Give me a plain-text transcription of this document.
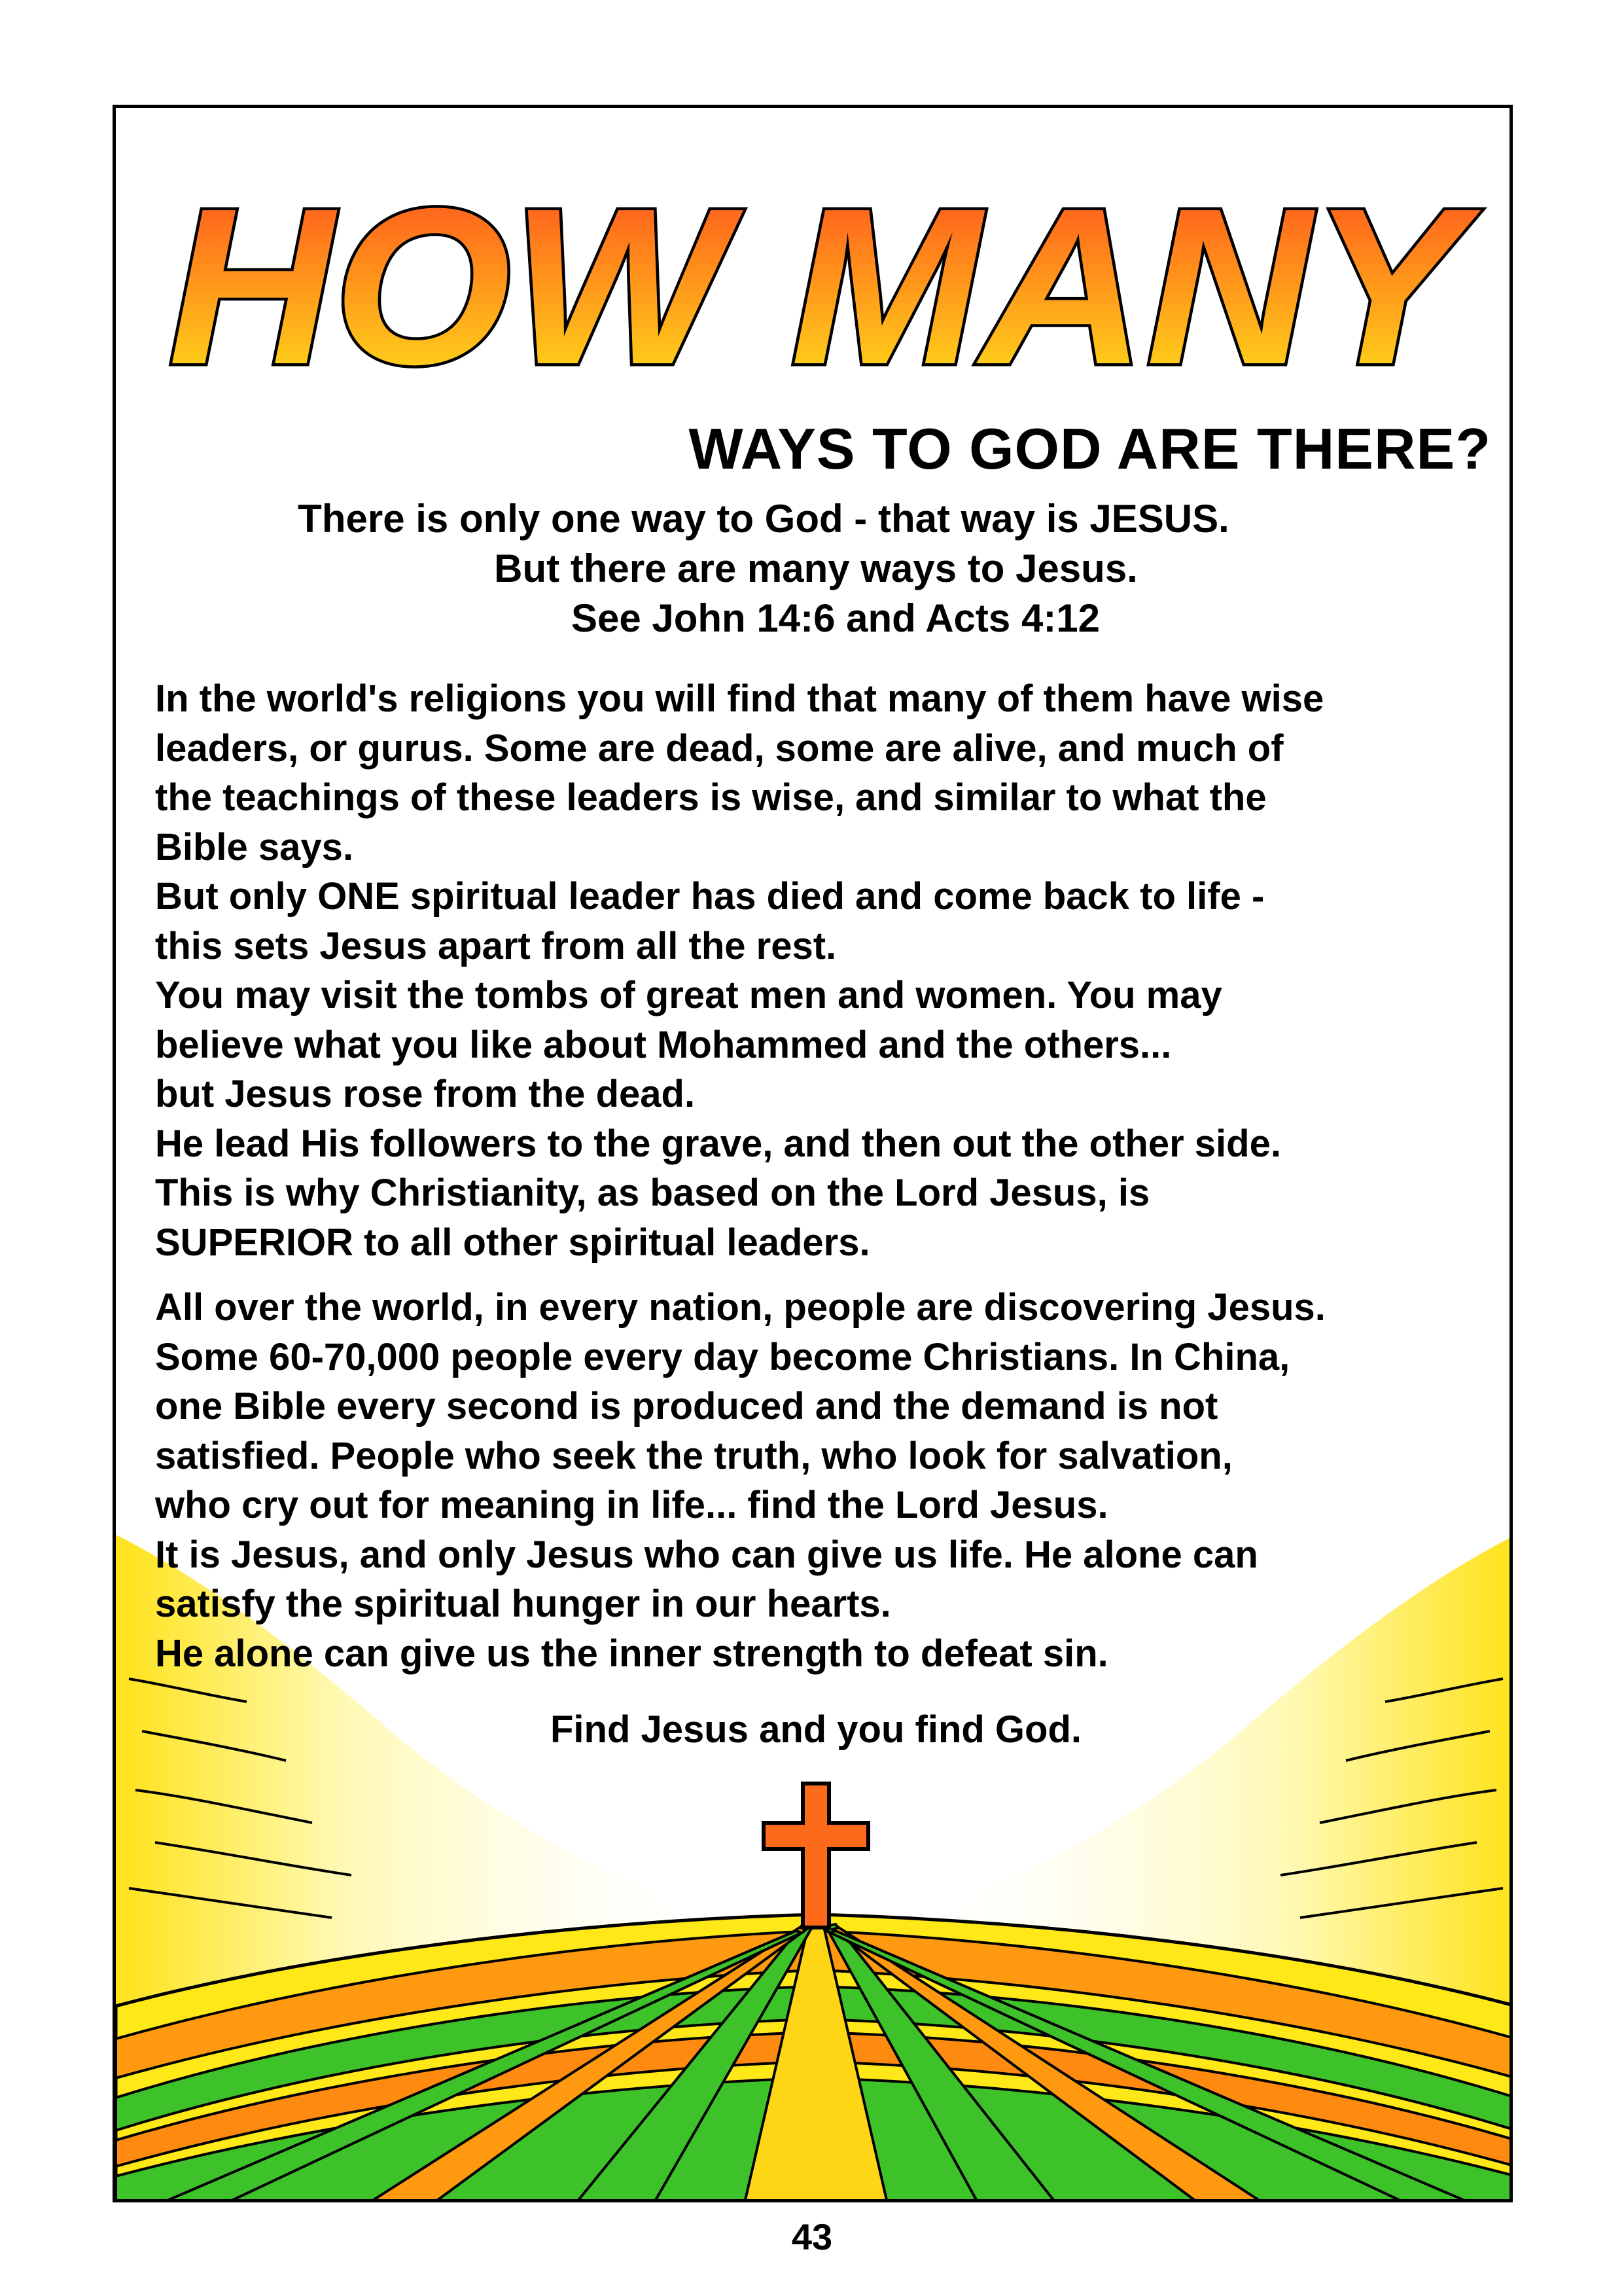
HOW MANY
WAYS TO GOD ARE THERE?
There is only one way to God - that way is JESUS.
But there are many ways to Jesus.
See John 14:6 and Acts 4:12
In the world's religions you will find that many of them have wise
leaders, or gurus. Some are dead, some are alive, and much of
the teachings of these leaders is wise, and similar to what the
Bible says.
But only ONE spiritual leader has died and come back to life -
this sets Jesus apart from all the rest.
You may visit the tombs of great men and women. You may
believe what you like about Mohammed and the others...
but Jesus rose from the dead.
He lead His followers to the grave, and then out the other side.
This is why Christianity, as based on the Lord Jesus, is
SUPERIOR to all other spiritual leaders.
All over the world, in every nation, people are discovering Jesus.
Some 60-70,000 people every day become Christians. In China,
one Bible every second is produced and the demand is not
satisfied. People who seek the truth, who look for salvation,
who cry out for meaning in life... find the Lord Jesus.
It is Jesus, and only Jesus who can give us life. He alone can
satisfy the spiritual hunger in our hearts.
He alone can give us the inner strength to defeat sin.
Find Jesus and you find God.
43
